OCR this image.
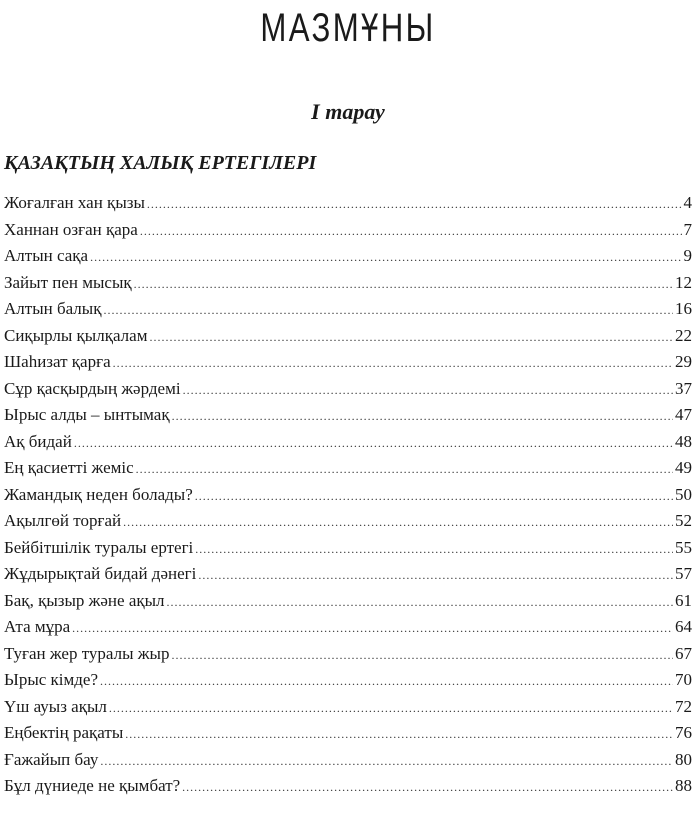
МАЗМҰНЫ
І тарау
ҚАЗАҚТЫҢ ХАЛЫҚ ЕРТЕГІЛЕРІ
Жоғалған хан қызы .....	4
Ханнан озған қара .....	7
Алтын сақа .....	9
Зайыт пен мысық .....	12
Алтын балық .....	16
Сиқырлы қылқалам .....	22
Шаһизат қарға .....	29
Сұр қасқырдың жәрдемі .....	37
Ырыс алды – ынтымақ .....	47
Ақ бидай .....	48
Ең қасиетті жеміс .....	49
Жамандық неден болады? .....	50
Ақылгөй торғай .....	52
Бейбітшілік туралы ертегі .....	55
Жұдырықтай бидай дәнегі .....	57
Бақ, қызыр және ақыл .....	61
Ата мұра .....	64
Туған жер туралы жыр .....	67
Ырыс кімде? .....	70
Үш ауыз ақыл .....	72
Еңбектің рақаты .....	76
Ғажайып бау .....	80
Бұл дүниеде не қымбат? .....	88
